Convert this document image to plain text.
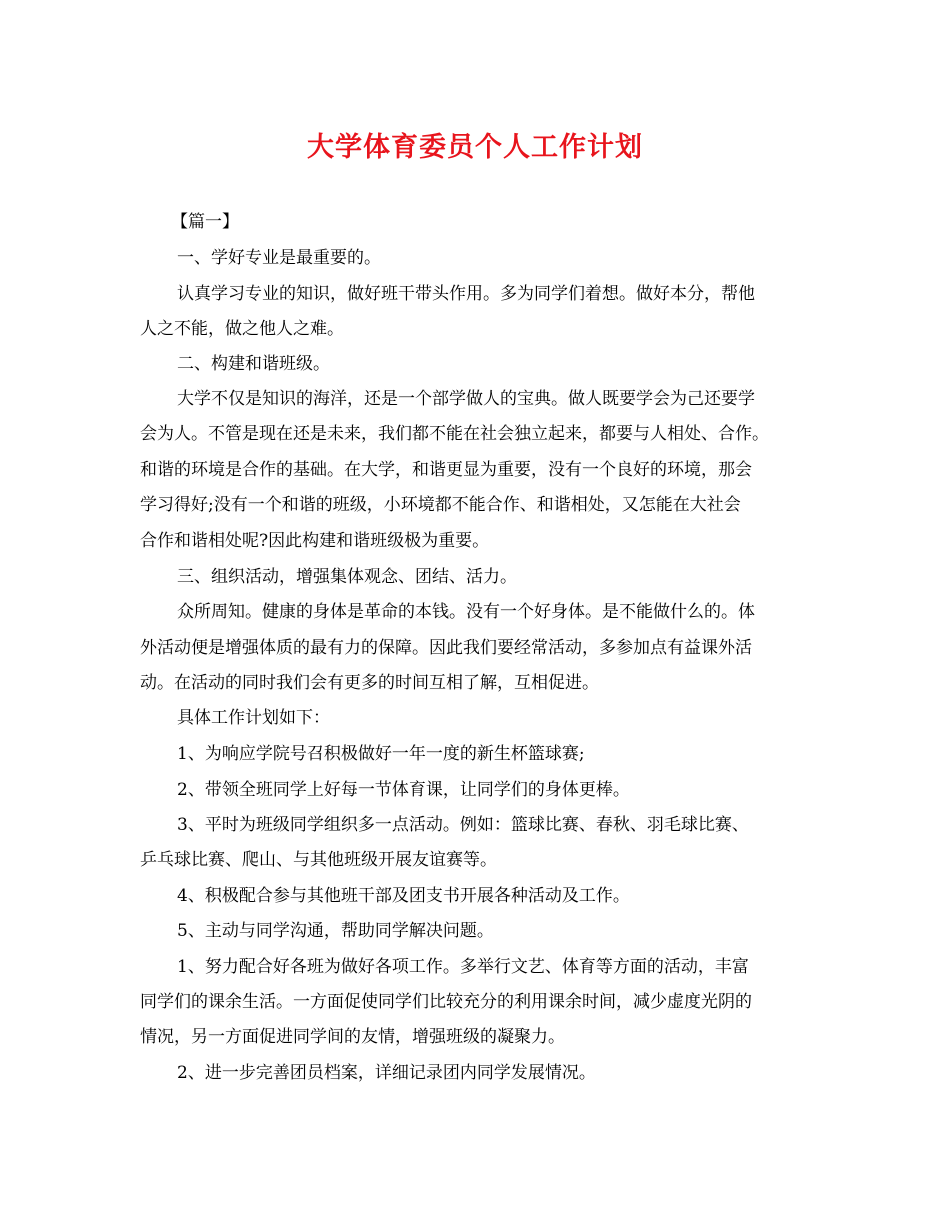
大学体育委员个人工作计划

【篇一】

一、学好专业是最重要的。

认真学习专业的知识，做好班干带头作用。多为同学们着想。做好本分，帮他

人之不能，做之他人之难。

二、构建和谐班级。

大学不仅是知识的海洋，还是一个部学做人的宝典。做人既要学会为己还要学

会为人。不管是现在还是未来，我们都不能在社会独立起来，都要与人相处、合作。

和谐的环境是合作的基础。在大学，和谐更显为重要，没有一个良好的环境，那会

学习得好;没有一个和谐的班级，小环境都不能合作、和谐相处，又怎能在大社会

合作和谐相处呢?因此构建和谐班级极为重要。

三、组织活动，增强集体观念、团结、活力。

众所周知。健康的身体是革命的本钱。没有一个好身体。是不能做什么的。体

外活动便是增强体质的最有力的保障。因此我们要经常活动，多参加点有益课外活

动。在活动的同时我们会有更多的时间互相了解，互相促进。

具体工作计划如下：

1、为响应学院号召积极做好一年一度的新生杯篮球赛;

2、带领全班同学上好每一节体育课，让同学们的身体更棒。

3、平时为班级同学组织多一点活动。例如：篮球比赛、春秋、羽毛球比赛、

乒乓球比赛、爬山、与其他班级开展友谊赛等。

4、积极配合参与其他班干部及团支书开展各种活动及工作。

5、主动与同学沟通，帮助同学解决问题。

1、努力配合好各班为做好各项工作。多举行文艺、体育等方面的活动，丰富

同学们的课余生活。一方面促使同学们比较充分的利用课余时间，减少虚度光阴的

情况，另一方面促进同学间的友情，增强班级的凝聚力。

2、进一步完善团员档案，详细记录团内同学发展情况。
